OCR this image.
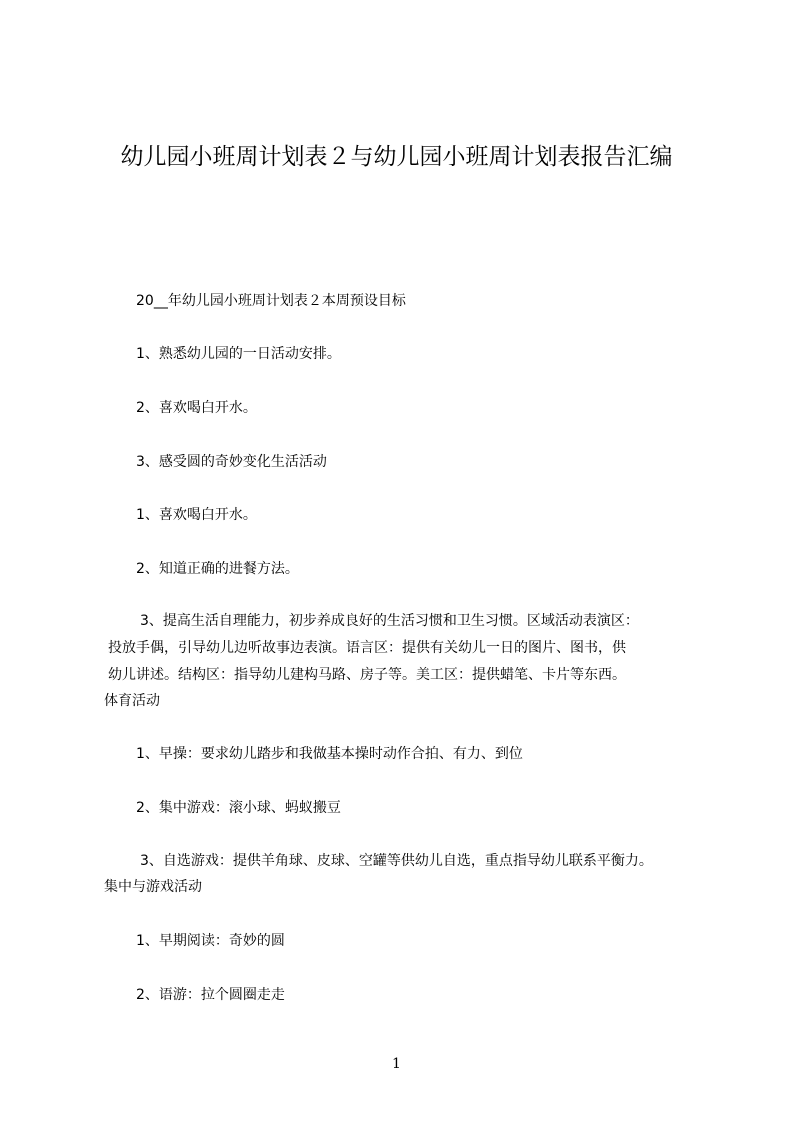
幼儿园小班周计划表２与幼儿园小班周计划表报告汇编

20__年幼儿园小班周计划表２本周预设目标

1、熟悉幼儿园的一日活动安排。

2、喜欢喝白开水。

3、感受圆的奇妙变化生活活动

1、喜欢喝白开水。

2、知道正确的进餐方法。

3、提高生活自理能力，初步养成良好的生活习惯和卫生习惯。区域活动表演区：

投放手偶，引导幼儿边听故事边表演。语言区：提供有关幼儿一日的图片、图书，供

幼儿讲述。结构区：指导幼儿建构马路、房子等。美工区：提供蜡笔、卡片等东西。

体育活动

1、早操：要求幼儿踏步和我做基本操时动作合拍、有力、到位

2、集中游戏：滚小球、蚂蚁搬豆

3、自选游戏：提供羊角球、皮球、空罐等供幼儿自选，重点指导幼儿联系平衡力。

集中与游戏活动

1、早期阅读：奇妙的圆

2、语游：拉个圆圈走走

1
